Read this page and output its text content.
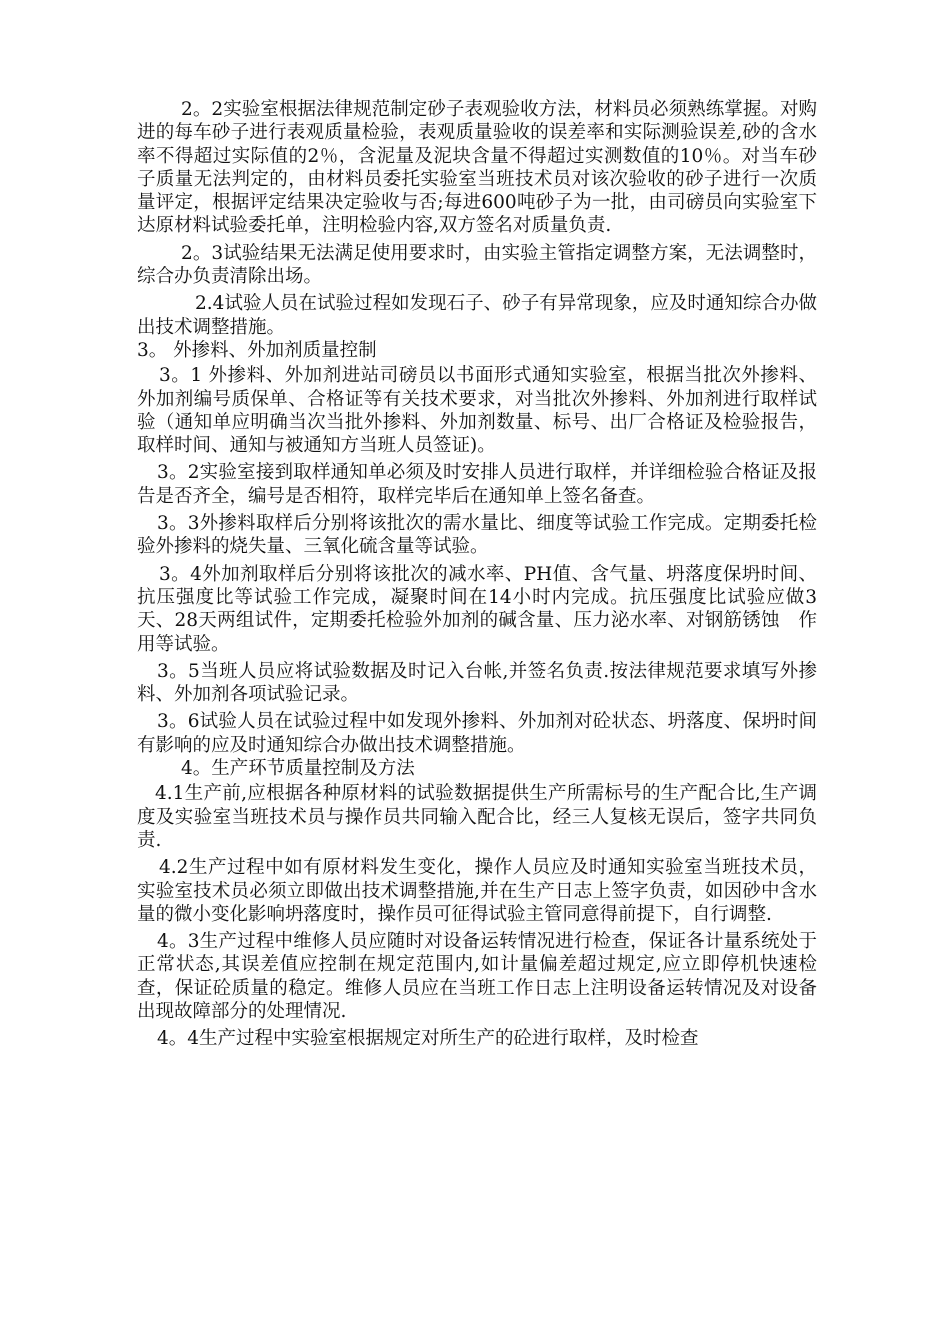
2。2实验室根据法律规范制定砂子表观验收方法，材料员必须熟练掌握。对购进的每车砂子进行表观质量检验，表观质量验收的误差率和实际测验误差,砂的含水率不得超过实际值的2％，含泥量及泥块含量不得超过实测数值的10％。对当车砂子质量无法判定的，由材料员委托实验室当班技术员对该次验收的砂子进行一次质量评定，根据评定结果决定验收与否;每进600吨砂子为一批，由司磅员向实验室下达原材料试验委托单，注明检验内容,双方签名对质量负责.

2。3试验结果无法满足使用要求时，由实验主管指定调整方案，无法调整时，综合办负责清除出场。

2.4试验人员在试验过程如发现石子、砂子有异常现象，应及时通知综合办做出技术调整措施。

3。 外掺料、外加剂质量控制

3。1 外掺料、外加剂进站司磅员以书面形式通知实验室，根据当批次外掺料、外加剂编号质保单、合格证等有关技术要求，对当批次外掺料、外加剂进行取样试验（通知单应明确当次当批外掺料、外加剂数量、标号、出厂合格证及检验报告，取样时间、通知与被通知方当班人员签证)。

3。2实验室接到取样通知单必须及时安排人员进行取样，并详细检验合格证及报告是否齐全，编号是否相符，取样完毕后在通知单上签名备查。

3。3外掺料取样后分别将该批次的需水量比、细度等试验工作完成。定期委托检验外掺料的烧失量、三氧化硫含量等试验。

3。4外加剂取样后分别将该批次的减水率、PH值、含气量、坍落度保坍时间、抗压强度比等试验工作完成，凝聚时间在14小时内完成。抗压强度比试验应做3天、28天两组试件，定期委托检验外加剂的碱含量、压力泌水率、对钢筋锈蚀　作用等试验。

3。5当班人员应将试验数据及时记入台帐,并签名负责.按法律规范要求填写外掺料、外加剂各项试验记录。

3。6试验人员在试验过程中如发现外掺料、外加剂对砼状态、坍落度、保坍时间有影响的应及时通知综合办做出技术调整措施。

4。生产环节质量控制及方法

4.1生产前,应根据各种原材料的试验数据提供生产所需标号的生产配合比,生产调度及实验室当班技术员与操作员共同输入配合比，经三人复核无误后，签字共同负责.

4.2生产过程中如有原材料发生变化，操作人员应及时通知实验室当班技术员，实验室技术员必须立即做出技术调整措施,并在生产日志上签字负责，如因砂中含水量的微小变化影响坍落度时，操作员可征得试验主管同意得前提下，自行调整.

4。3生产过程中维修人员应随时对设备运转情况进行检查，保证各计量系统处于正常状态,其误差值应控制在规定范围内,如计量偏差超过规定,应立即停机快速检查，保证砼质量的稳定。维修人员应在当班工作日志上注明设备运转情况及对设备出现故障部分的处理情况.

4。4生产过程中实验室根据规定对所生产的砼进行取样，及时检查
